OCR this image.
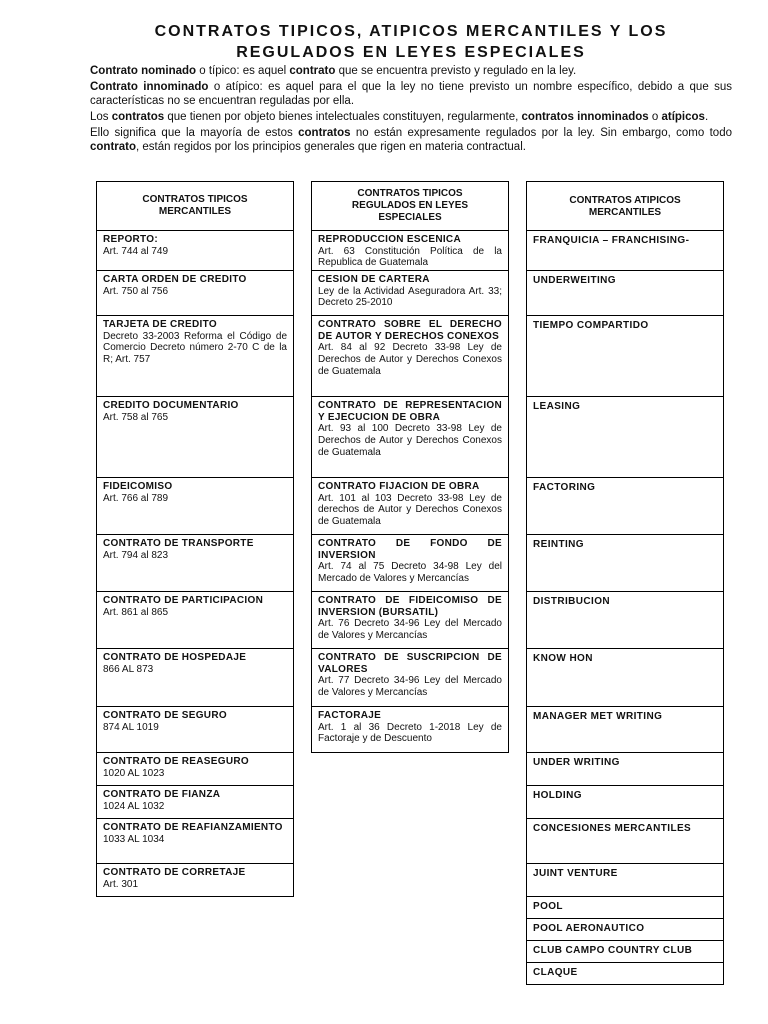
CONTRATOS TIPICOS, ATIPICOS MERCANTILES Y LOS
REGULADOS EN LEYES ESPECIALES

Contrato nominado o típico: es aquel contrato que se encuentra previsto y regulado en la ley.

Contrato innominado o atípico: es aquel para el que la ley no tiene previsto un nombre específico, debido a que sus características no se encuentran reguladas por ella.

Los contratos que tienen por objeto bienes intelectuales constituyen, regularmente, contratos innominados o atípicos.

Ello significa que la mayoría de estos contratos no están expresamente regulados por la ley. Sin embargo, como todo contrato, están regidos por los principios generales que rigen en materia contractual.

CONTRATOS TIPICOS MERCANTILES
REPORTO:
Art. 744 al 749
CARTA ORDEN DE CREDITO
Art. 750 al 756
TARJETA DE CREDITO
Decreto 33-2003 Reforma el Código de Comercio Decreto número 2-70 C de la R; Art. 757
CREDITO DOCUMENTARIO
Art. 758 al 765
FIDEICOMISO
Art. 766 al 789
CONTRATO DE TRANSPORTE
Art. 794 al 823
CONTRATO DE PARTICIPACION
Art. 861 al 865
CONTRATO DE HOSPEDAJE
866 AL 873
CONTRATO DE SEGURO
874 AL 1019
CONTRATO DE REASEGURO
1020 AL 1023
CONTRATO DE FIANZA
1024 AL 1032
CONTRATO DE REAFIANZAMIENTO
1033 AL 1034
CONTRATO DE CORRETAJE
Art. 301
CONTRATOS TIPICOS REGULADOS EN LEYES ESPECIALES
REPRODUCCION ESCENICA
Art. 63 Constitución Política de la Republica de Guatemala
CESION DE CARTERA
Ley de la Actividad Aseguradora Art. 33; Decreto 25-2010
CONTRATO SOBRE EL DERECHO DE AUTOR Y DERECHOS CONEXOS
Art. 84 al 92 Decreto 33-98 Ley de Derechos de Autor y Derechos Conexos de Guatemala
CONTRATO DE REPRESENTACION Y EJECUCION DE OBRA
Art. 93 al 100 Decreto 33-98 Ley de Derechos de Autor y Derechos Conexos de Guatemala
CONTRATO FIJACION DE OBRA
Art. 101 al 103 Decreto 33-98 Ley de derechos de Autor y Derechos Conexos de Guatemala
CONTRATO DE FONDO DE INVERSION
Art. 74 al 75 Decreto 34-98 Ley del Mercado de Valores y Mercancías
CONTRATO DE FIDEICOMISO DE INVERSION (BURSATIL)
Art. 76 Decreto 34-96 Ley del Mercado de Valores y Mercancías
CONTRATO DE SUSCRIPCION DE VALORES
Art. 77 Decreto 34-96 Ley del Mercado de Valores y Mercancías
FACTORAJE
Art. 1 al 36 Decreto 1-2018 Ley de Factoraje y de Descuento
CONTRATOS ATIPICOS MERCANTILES
FRANQUICIA – FRANCHISING-
UNDERWEITING
TIEMPO COMPARTIDO
LEASING
FACTORING
REINTING
DISTRIBUCION
KNOW HON
MANAGER MET WRITING
UNDER WRITING
HOLDING
CONCESIONES MERCANTILES
JUINT VENTURE
POOL
POOL AERONAUTICO
CLUB CAMPO COUNTRY CLUB
CLAQUE
